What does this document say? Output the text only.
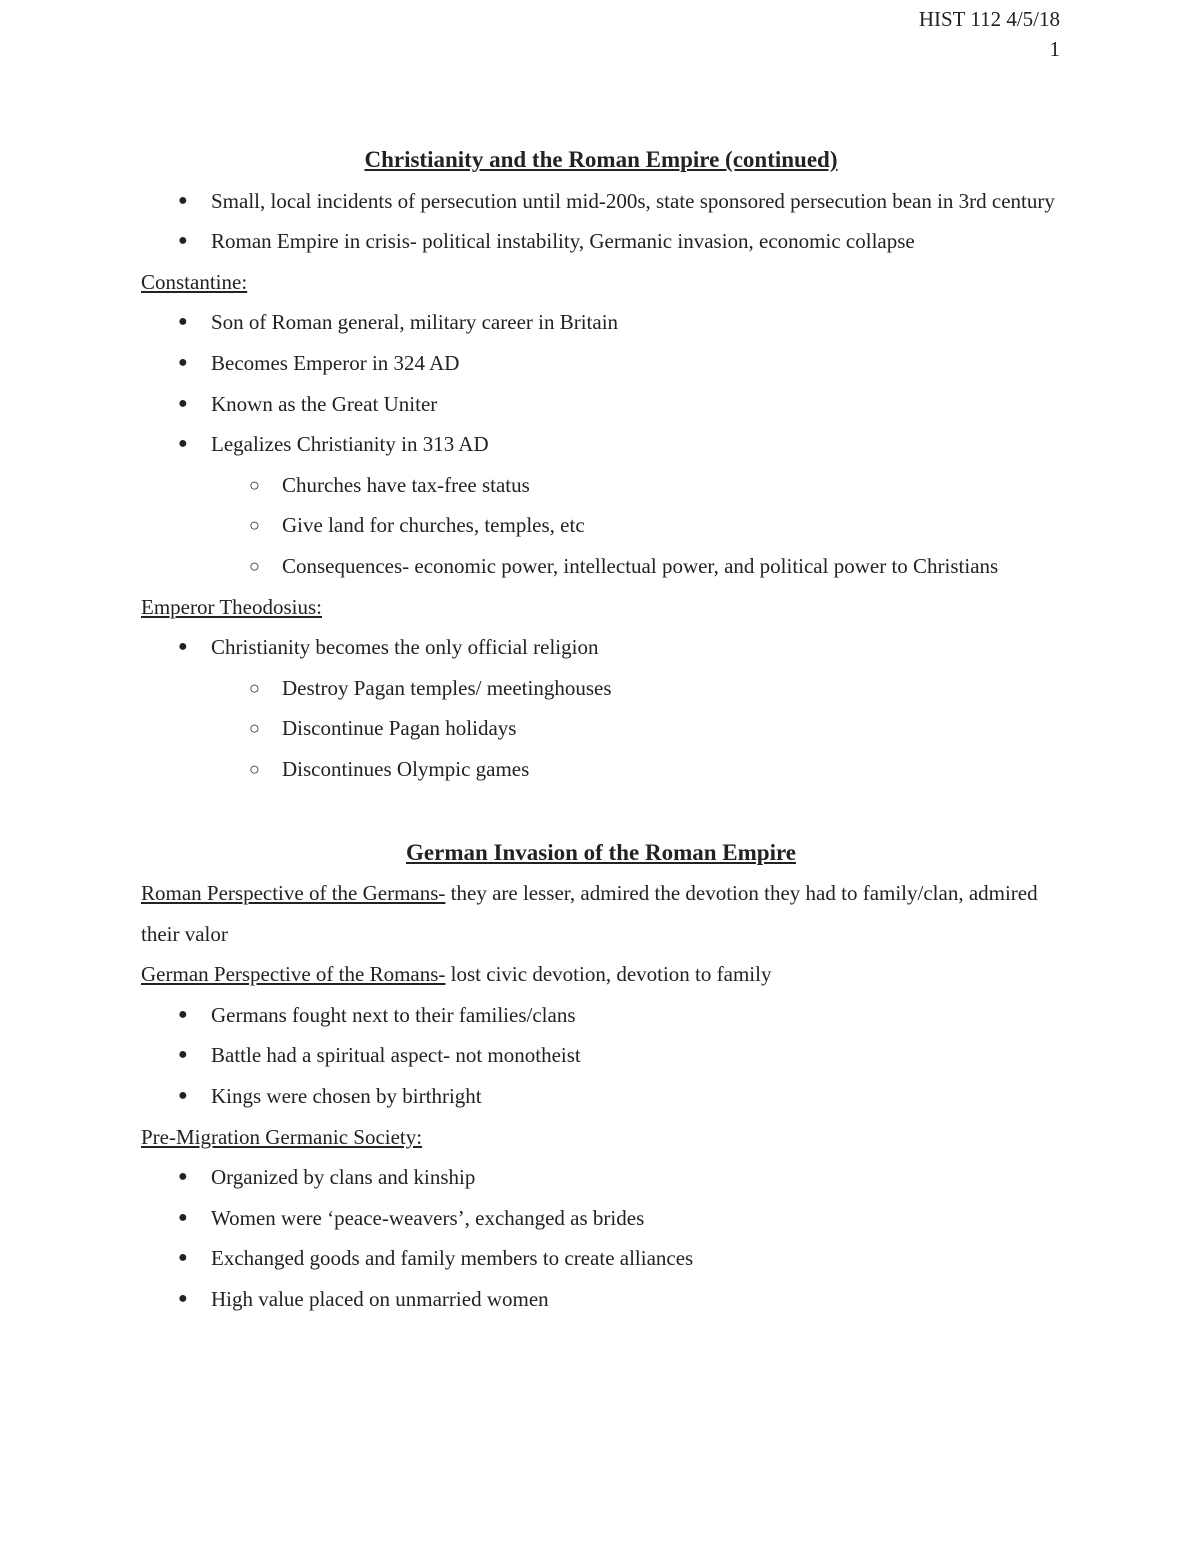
HIST 112 4/5/18
1
Christianity and the Roman Empire (continued)
● Small, local incidents of persecution until mid-200s, state sponsored persecution bean in 3rd century
● Roman Empire in crisis- political instability, Germanic invasion, economic collapse

Constantine:

● Son of Roman general, military career in Britain
● Becomes Emperor in 324 AD
● Known as the Great Uniter
● Legalizes Christianity in 313 AD
○ Churches have tax-free status
○ Give land for churches, temples, etc
○ Consequences- economic power, intellectual power, and political power to Christians

Emperor Theodosius:

● Christianity becomes the only official religion
○ Destroy Pagan temples/ meetinghouses
○ Discontinue Pagan holidays
○ Discontinues Olympic games
German Invasion of the Roman Empire

Roman Perspective of the Germans- they are lesser, admired the devotion they had to family/clan, admired their valor

German Perspective of the Romans- lost civic devotion, devotion to family

● Germans fought next to their families/clans
● Battle had a spiritual aspect- not monotheist
● Kings were chosen by birthright

Pre-Migration Germanic Society:

● Organized by clans and kinship
● Women were ‘peace-weavers’, exchanged as brides
● Exchanged goods and family members to create alliances
● High value placed on unmarried women
